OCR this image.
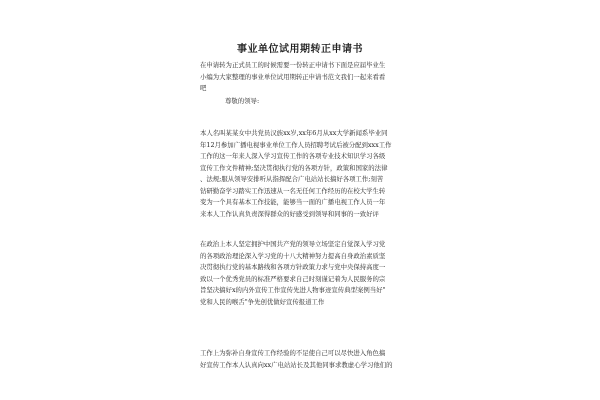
事业单位试用期转正申请书

在申请转为正式员工的时候需要一份转正申请书下面是应届毕业生
小编为大家整理的事业单位试用期转正申请书范文我们一起来看看
吧

尊敬的领导:

本人名叫某某女中共党员汉族xx岁,xx年6月从xx大学新闻系毕业同
年12月参加广播电视事业单位工作人员招聘考试后被分配到xxx工作
工作的这一年来人深入学习宣传工作的各项专业技术知识学习各级
宣传工作文件精神;坚决贯彻执行党的各项方针，政策和国家的法律
、法规;服从领导安排听从指挥配合广电站站长搞好各项工作;刻苦
钻研勤奋学习踏实工作迅速从一名无任何工作经历的在校大学生转
变为一个具有基本工作技能，能够当一面的广播电视工作人员一年
来本人工作认真负责深得群众的好感受到领导和同事的一致好评

在政治上本人坚定拥护中国共产党的领导立场坚定自觉深入学习党
的各项政治理论深入学习党的十八大精神努力提高自身政治素质坚
决贯彻执行党的基本路线和各项方针政策力求与党中央保持高度一
致以一个优秀党员的标准严格要求自己时刻谨记着为人民服务的宗
旨坚决搞好x的内外宣传工作宣传先进人物事迹宣传典型案例当好"
党和人民的喉舌"争先创优做好宣传报道工作

工作上为弥补自身宣传工作经验的不足使自己可以尽快进入角色搞
好宣传工作本人认真向xx广电站站长及其他同事求教虚心学习他们的
